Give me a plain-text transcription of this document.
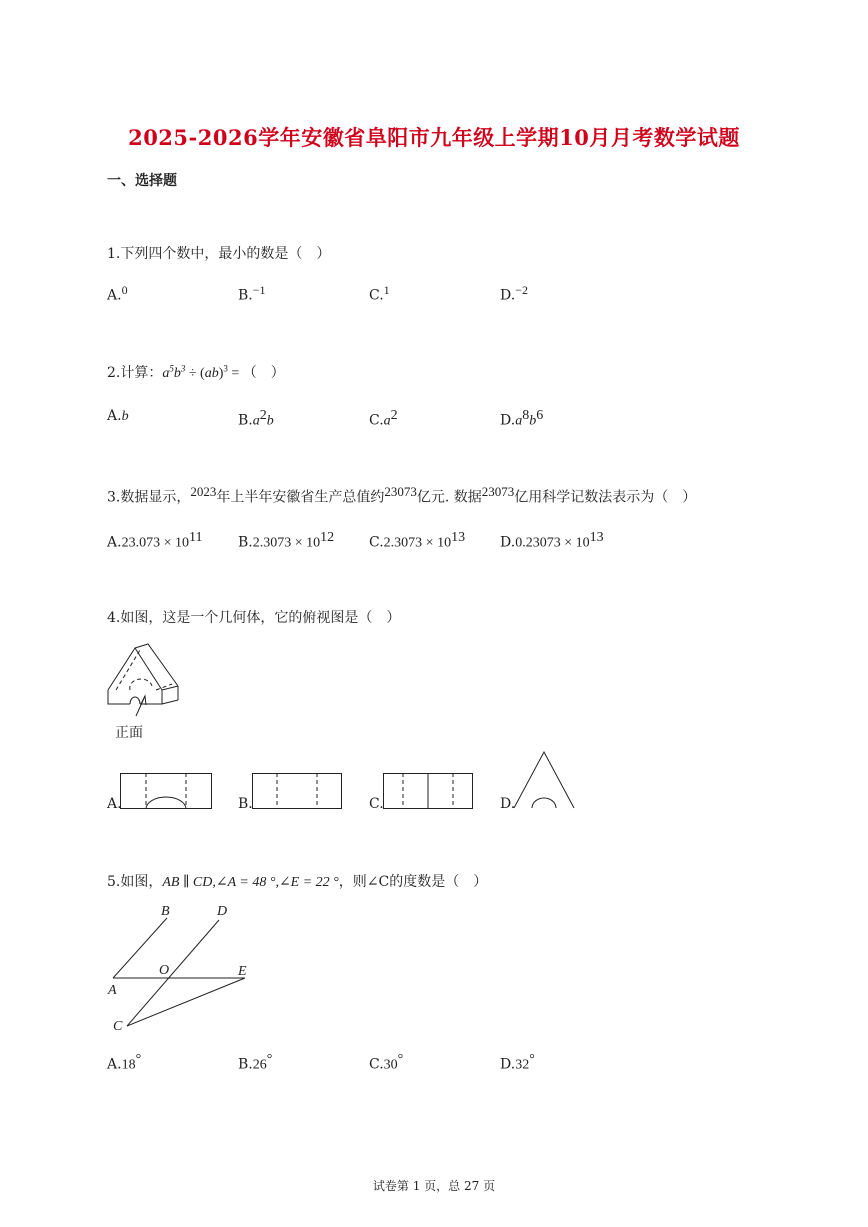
2025-2026学年安徽省阜阳市九年级上学期10月月考数学试题
一、选择题
1.下列四个数中，最小的数是（　）
A.$^0$	B.$^{-1}$	C.$^1$	D.$^{-2}$
2.计算：$a^5b^3 \div (ab)^3$ = （　）
A.b	$B.a^2b$	$C.a^2$	$D.a^8b^6$
3.数据显示，$^{2023}$年上半年安徽省生产总值约$^{23073}$亿元. 数据$^{23073}$亿用科学记数法表示为（　）
$A.23.073 \times 10^{11}$	$B.2.3073 \times 10^{12}$ $C.2.3073 \times 10^{13}$ $D.0.23073 \times 10^{13}$
4.如图，这是一个几何体，它的俯视图是（　）
正面
A.	B.	C.	D.
5.如图，AB ∥ CD,∠A = 48 °,∠E = 22 °，则∠C的度数是（　）
B	D
O	E
A
C
A.18°	B.26°	C.30°	D.32°
试卷第 1 页，总 27 页
